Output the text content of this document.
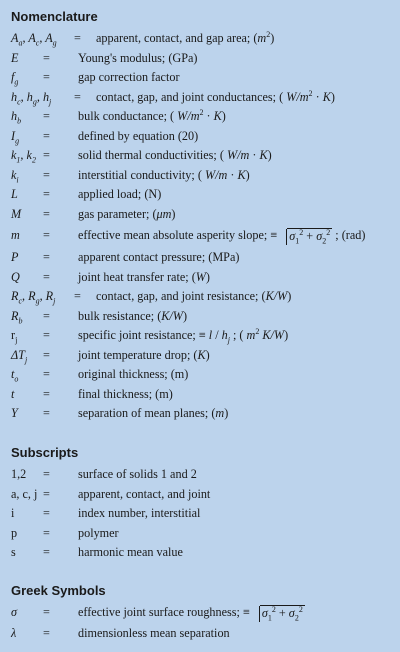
Nomenclature
$A_a$, $A_c$, $A_g$ = apparent, contact, and gap area; $(m^2)$
E = Young's modulus; (GPa)
$f_g$ = gap correction factor
$h_c$, $h_g$, $h_j$ = contact, gap, and joint conductances; ( $W/m^2 \cdot K$)
$h_b$ = bulk conductance; ( $W/m^2 \cdot K$)
$I_g$ = defined by equation (20)
$k_1$, $k_2$ = solid thermal conductivities; ( W/m · K)
$k_i$ = interstitial conductivity; ( W/m · K)
L = applied load; (N)
M = gas parameter; (μm)
m = effective mean absolute asperity slope; ≡ $\sigma_1^2 + \sigma_2^2$ ; (rad)
P = apparent contact pressure; (MPa)
Q = joint heat transfer rate; (W)
$R_c$, $R_g$, $R_j$ = contact, gap, and joint resistance; (K/W)
$R_b$ = bulk resistance; (K/W)
$r_j$ = specific joint resistance; ≡ l / $h_j$ ; ( $m^2$ K/W)
$\Delta T_j$ = joint temperature drop; (K)
$t_o$ = original thickness; (m)
t = final thickness; (m)
Y = separation of mean planes; (m)
Subscripts
1,2 = surface of solids 1 and 2
a, c, j = apparent, contact, and joint
i = index number, interstitial
p = polymer
s = harmonic mean value
Greek Symbols
σ = effective joint surface roughness; ≡ $\sigma_1^2 + \sigma_2^2$
λ = dimensionless mean separation
